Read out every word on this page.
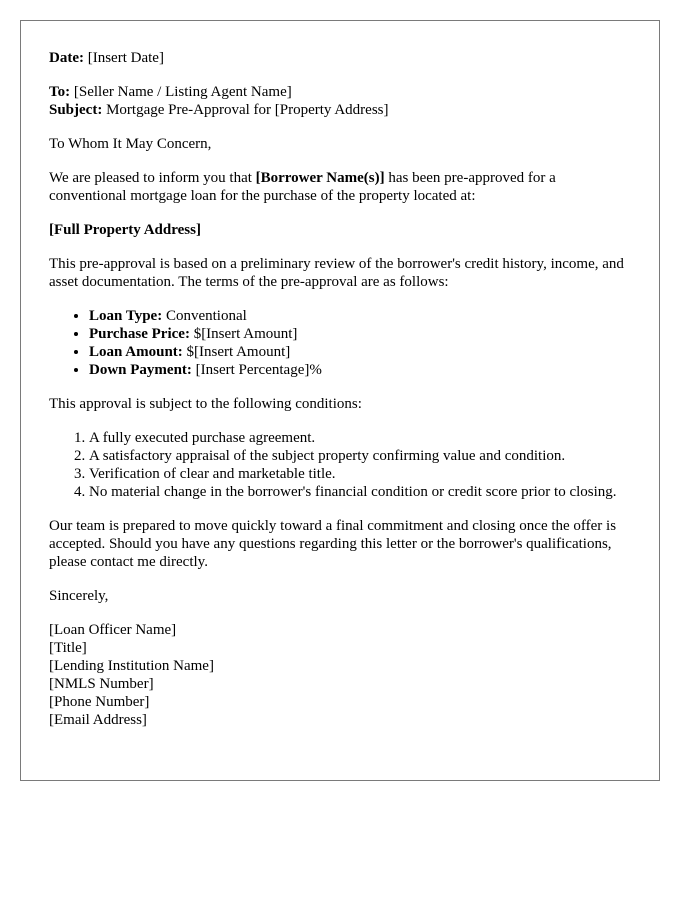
Date: [Insert Date]

To: [Seller Name / Listing Agent Name]

Subject: Mortgage Pre-Approval for [Property Address]

To Whom It May Concern,

We are pleased to inform you that [Borrower Name(s)] has been pre-approved for a conventional mortgage loan for the purchase of the property located at:

[Full Property Address]

This pre-approval is based on a preliminary review of the borrower's credit history, income, and asset documentation. The terms of the pre-approval are as follows:

• Loan Type: Conventional
• Purchase Price: $[Insert Amount]
• Loan Amount: $[Insert Amount]
• Down Payment: [Insert Percentage]%

This approval is subject to the following conditions:

1. A fully executed purchase agreement.
2. A satisfactory appraisal of the subject property confirming value and condition.
3. Verification of clear and marketable title.
4. No material change in the borrower's financial condition or credit score prior to closing.

Our team is prepared to move quickly toward a final commitment and closing once the offer is accepted. Should you have any questions regarding this letter or the borrower's qualifications, please contact me directly.

Sincerely,

[Loan Officer Name]
[Title]
[Lending Institution Name]
[NMLS Number]
[Phone Number]
[Email Address]
